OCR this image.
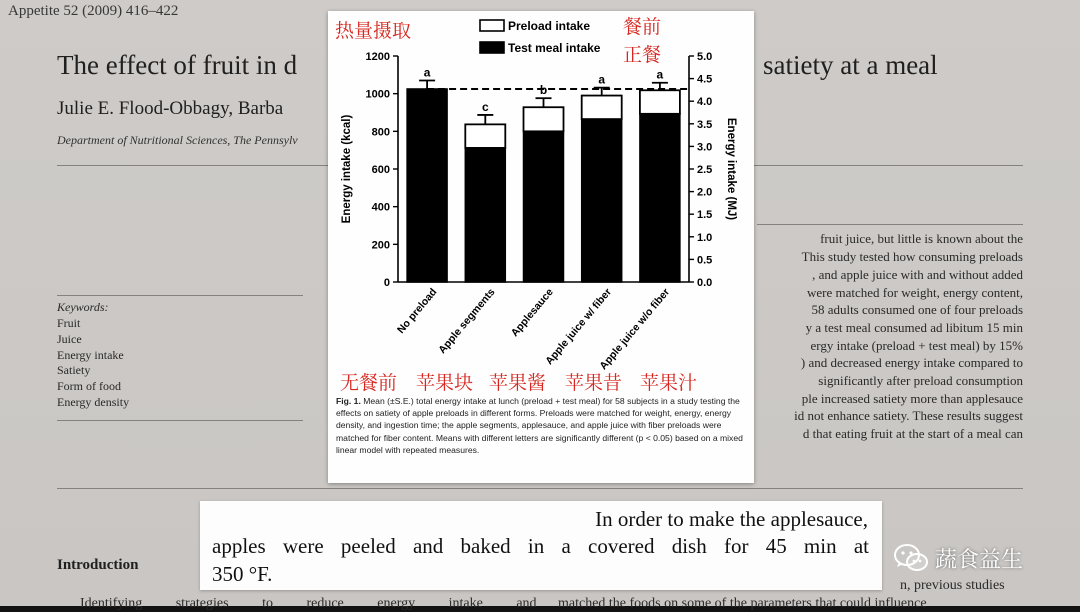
Appetite 52 (2009) 416–422
The effect of fruit in d	satiety at a meal
Julie E. Flood-Obbagy, Barba
Department of Nutritional Sciences, The Pennsylv
Keywords:
Fruit
Juice
Energy intake
Satiety
Form of food
Energy density
fruit juice, but little is known about the
This study tested how consuming preloads
, and apple juice with and without added
were matched for weight, energy content,
58 adults consumed one of four preloads
y a test meal consumed ad libitum 15 min
ergy intake (preload + test meal) by 15%
) and decreased energy intake compared to
significantly after preload consumption
ple increased satiety more than applesauce
id not enhance satiety. These results suggest
d that eating fruit at the start of a meal can
Introduction
n, previous studies
Identifying strategies to reduce energy intake and matched the foods on some of the parameters that could influence
0
200
400
600
800
1000
1200
0.0
0.5
1.0
1.5
2.0
2.5
3.0
3.5
4.0
4.5
5.0
Energy intake (kcal)	Energy intake (MJ)
a
No preload
c
Apple segments
b
Applesauce
a
Apple juice w/ fiber
a
Apple juice w/o fiber
Preload intake
Test meal intake
Fig. 1. Mean (±S.E.) total energy intake at lunch (preload + test meal) for 58 subjects in a study testing the effects on satiety of apple preloads in different forms. Preloads were matched for weight, energy, energy density, and ingestion time; the apple segments, applesauce, and apple juice with fiber preloads were matched for fiber content. Means with different letters are significantly different (p < 0.05) based on a mixed linear model with repeated measures.
热量摄取	餐前
正餐
无餐前 苹果块 苹果酱 苹果昔 苹果汁
In order to make the applesauce,
apples were peeled and baked in a covered dish for 45 min at
350 °F.
蔬食益生
